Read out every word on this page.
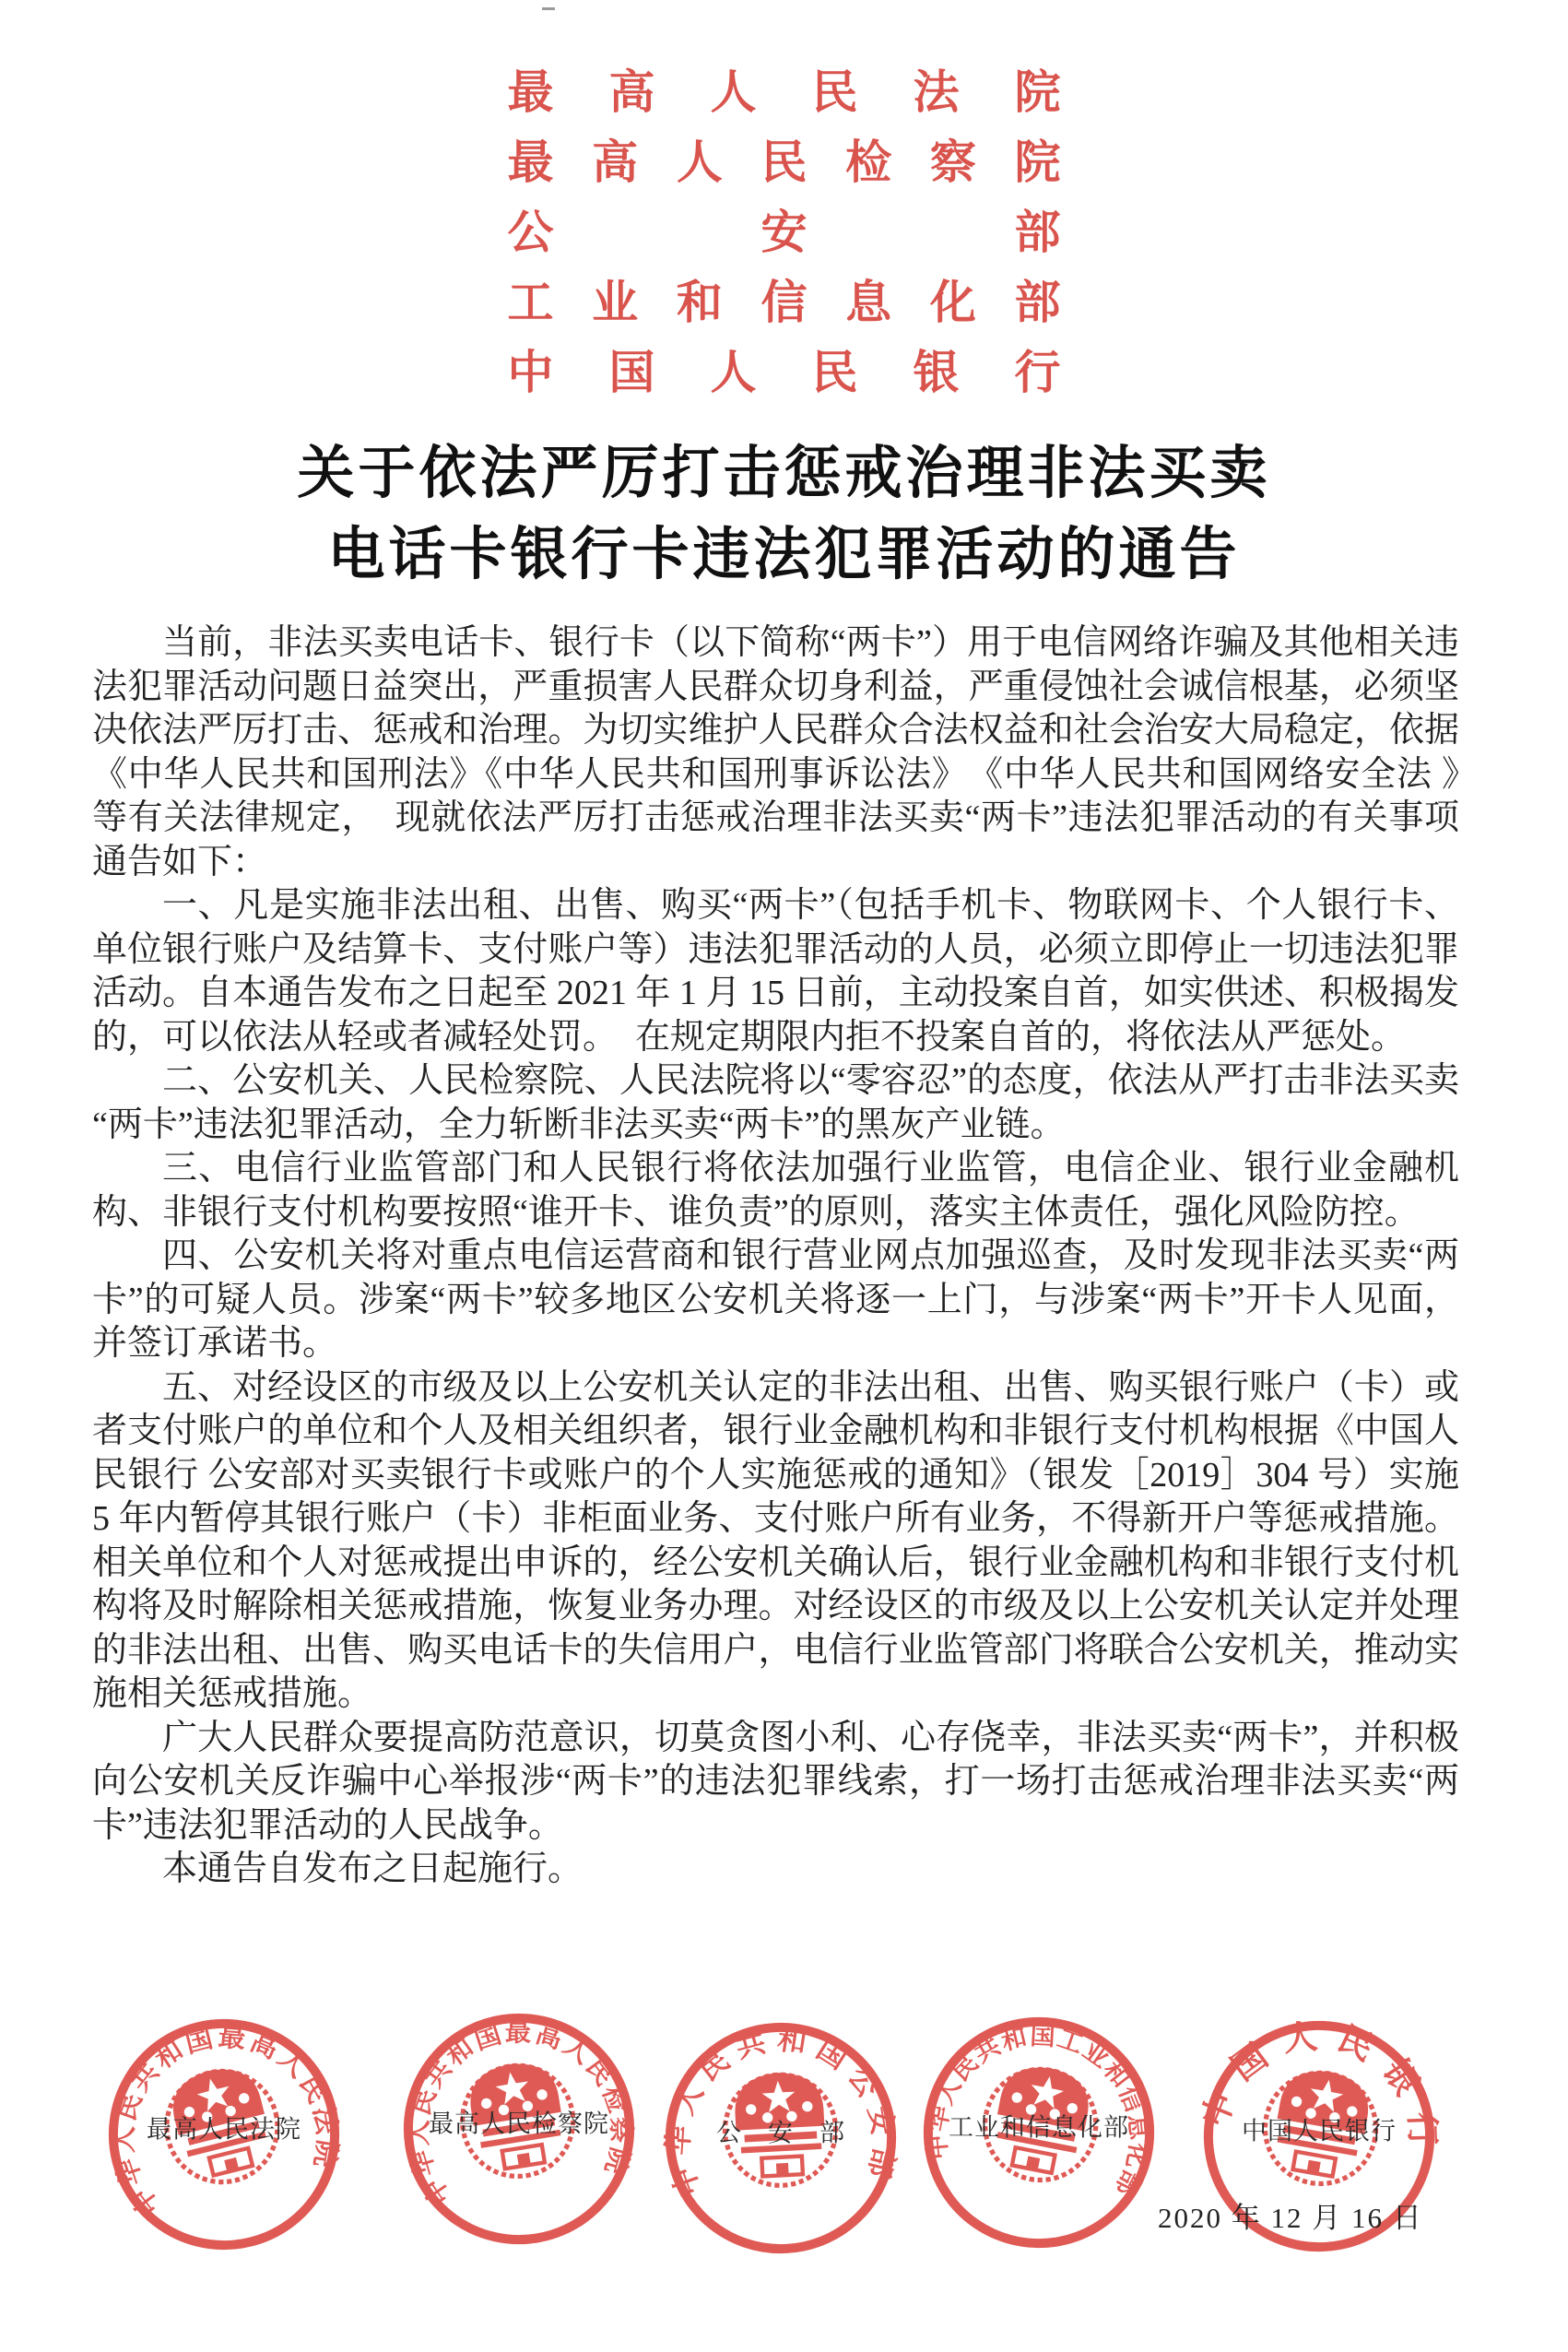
最高人民法院
最高人民检察院
公安部
工业和信息化部
中国人民银行
关于依法严厉打击惩戒治理非法买卖
电话卡银行卡违法犯罪活动的通告

当前，非法买卖电话卡、银行卡（以下简称“两卡”）用于电信网络诈骗及其他相关违法犯罪活动问题日益突出，严重损害人民群众切身利益，严重侵蚀社会诚信根基，必须坚决依法严厉打击、惩戒和治理。为切实维护人民群众合法权益和社会治安大局稳定，依据《中华人民共和国刑法》《中华人民共和国刑事诉讼法》　《中华人民共和国网络安全法 》　等有关法律规定，　现就依法严厉打击惩戒治理非法买卖“两卡”违法犯罪活动的有关事项通告如下：

一、凡是实施非法出租、出售、购买“两卡”（包括手机卡、物联网卡、个人银行卡、单位银行账户及结算卡、支付账户等）违法犯罪活动的人员，必须立即停止一切违法犯罪活动。自本通告发布之日起至 2021 年 1 月 15 日前，主动投案自首，如实供述、积极揭发的，可以依法从轻或者减轻处罚。　在规定期限内拒不投案自首的，将依法从严惩处。

二、公安机关、人民检察院、人民法院将以“零容忍”的态度，依法从严打击非法买卖“两卡”违法犯罪活动，全力斩断非法买卖“两卡”的黑灰产业链。

三、电信行业监管部门和人民银行将依法加强行业监管，电信企业、银行业金融机构、非银行支付机构要按照“谁开卡、谁负责”的原则，落实主体责任，强化风险防控。

四、公安机关将对重点电信运营商和银行营业网点加强巡查，及时发现非法买卖“两卡”的可疑人员。涉案“两卡”较多地区公安机关将逐一上门，与涉案“两卡”开卡人见面，并签订承诺书。

五、对经设区的市级及以上公安机关认定的非法出租、出售、购买银行账户（卡）或者支付账户的单位和个人及相关组织者，银行业金融机构和非银行支付机构根据《中国人民银行 公安部对买卖银行卡或账户的个人实施惩戒的通知》（银发［2019］304 号）实施 5 年内暂停其银行账户（卡）非柜面业务、支付账户所有业务，不得新开户等惩戒措施。相关单位和个人对惩戒提出申诉的，经公安机关确认后，银行业金融机构和非银行支付机构将及时解除相关惩戒措施，恢复业务办理。对经设区的市级及以上公安机关认定并处理的非法出租、出售、购买电话卡的失信用户，电信行业监管部门将联合公安机关，推动实施相关惩戒措施。

广大人民群众要提高防范意识，切莫贪图小利、心存侥幸，非法买卖“两卡”，并积极向公安机关反诈骗中心举报涉“两卡”的违法犯罪线索，打一场打击惩戒治理非法买卖“两卡”违法犯罪活动的人民战争。

本通告自发布之日起施行。

中华人民共和国最高人民法院
最高人民法院
中华人民共和国最高人民检察院
最高人民检察院
中华人民共和国公安部
公　安　部	中华人民共和国工业和信息化部
工业和信息化部	中国人民银行
中国人民银行
2020 年 12 月 16 日
